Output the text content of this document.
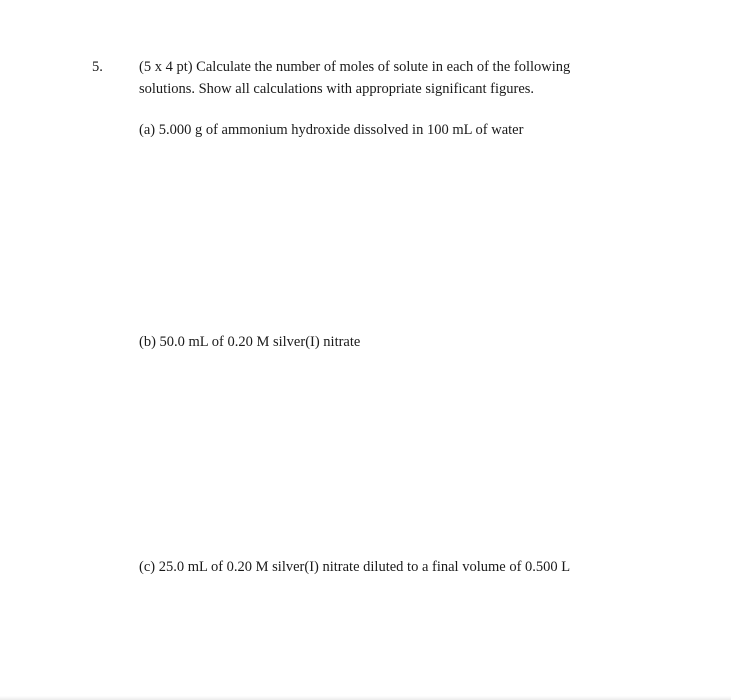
5. (5 x 4 pt) Calculate the number of moles of solute in each of the following
solutions. Show all calculations with appropriate significant figures.
(a) 5.000 g of ammonium hydroxide dissolved in 100 mL of water
(b) 50.0 mL of 0.20 M silver(I) nitrate
(c) 25.0 mL of 0.20 M silver(I) nitrate diluted to a final volume of 0.500 L
